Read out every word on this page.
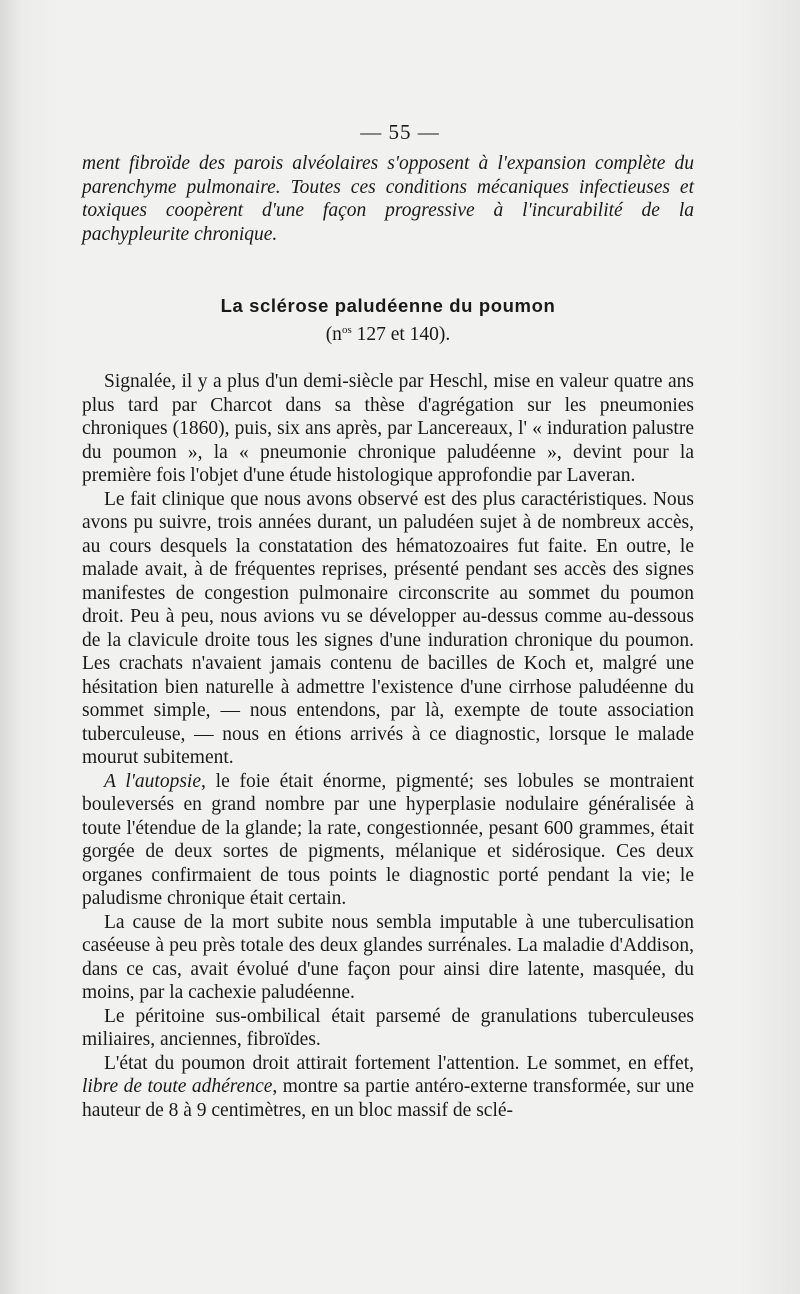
— 55 —

ment fibroïde des parois alvéolaires s'opposent à l'expansion complète du parenchyme pulmonaire. Toutes ces conditions mécaniques infectieuses et toxiques coopèrent d'une façon progressive à l'incurabilité de la pachypleurite chronique.

La sclérose paludéenne du poumon

($n^{os}$ 127 et 140).

Signalée, il y a plus d'un demi-siècle par Heschl, mise en valeur quatre ans plus tard par Charcot dans sa thèse d'agrégation sur les pneumonies chroniques (1860), puis, six ans après, par Lancereaux, l' « induration palustre du poumon », la « pneumonie chronique paludéenne », devint pour la première fois l'objet d'une étude histologique approfondie par Laveran.

Le fait clinique que nous avons observé est des plus caractéristiques. Nous avons pu suivre, trois années durant, un paludéen sujet à de nombreux accès, au cours desquels la constatation des hématozoaires fut faite. En outre, le malade avait, à de fréquentes reprises, présenté pendant ses accès des signes manifestes de congestion pulmonaire circonscrite au sommet du poumon droit. Peu à peu, nous avions vu se développer au-dessus comme au-dessous de la clavicule droite tous les signes d'une induration chronique du poumon. Les crachats n'avaient jamais contenu de bacilles de Koch et, malgré une hésitation bien naturelle à admettre l'existence d'une cirrhose paludéenne du sommet simple, — nous entendons, par là, exempte de toute association tuberculeuse, — nous en étions arrivés à ce diagnostic, lorsque le malade mourut subitement.

A l'autopsie, le foie était énorme, pigmenté; ses lobules se montraient bouleversés en grand nombre par une hyperplasie nodulaire généralisée à toute l'étendue de la glande; la rate, congestionnée, pesant 600 grammes, était gorgée de deux sortes de pigments, mélanique et sidérosique. Ces deux organes confirmaient de tous points le diagnostic porté pendant la vie; le paludisme chronique était certain.

La cause de la mort subite nous sembla imputable à une tuberculisation caséeuse à peu près totale des deux glandes surrénales. La maladie d'Addison, dans ce cas, avait évolué d'une façon pour ainsi dire latente, masquée, du moins, par la cachexie paludéenne.

Le péritoine sus-ombilical était parsemé de granulations tuberculeuses miliaires, anciennes, fibroïdes.

L'état du poumon droit attirait fortement l'attention. Le sommet, en effet, libre de toute adhérence, montre sa partie antéro-externe transformée, sur une hauteur de 8 à 9 centimètres, en un bloc massif de sclé-
